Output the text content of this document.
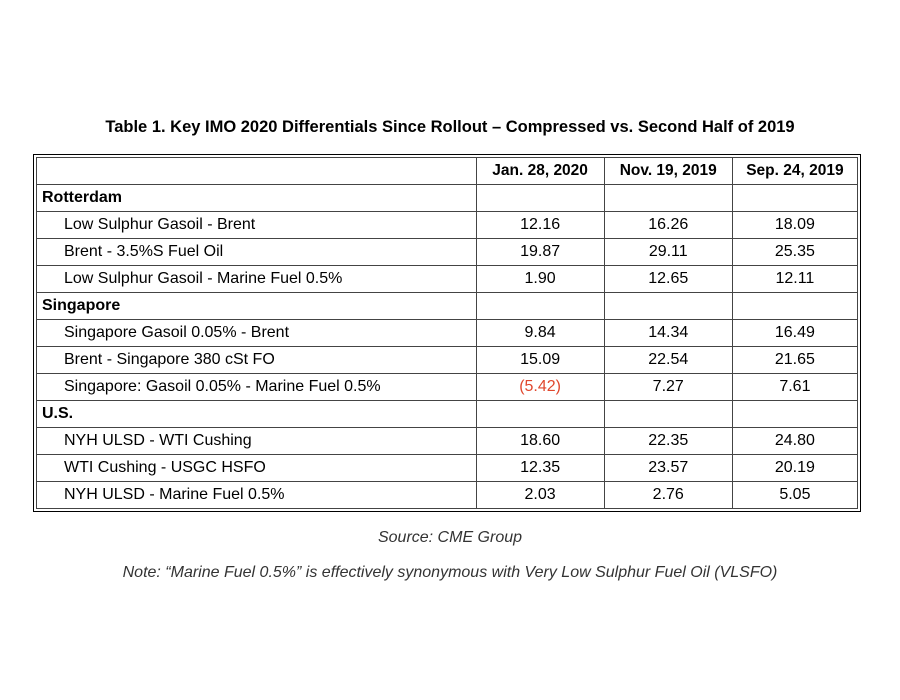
Table 1. Key IMO 2020 Differentials Since Rollout – Compressed vs. Second Half of 2019
	Jan. 28, 2020	Nov. 19, 2019	Sep. 24, 2019
Rotterdam			
Low Sulphur Gasoil - Brent	12.16	16.26	18.09
Brent - 3.5%S Fuel Oil	19.87	29.11	25.35
Low Sulphur Gasoil - Marine Fuel 0.5%	1.90	12.65	12.11
Singapore			
Singapore Gasoil 0.05% - Brent	9.84	14.34	16.49
Brent - Singapore 380 cSt FO	15.09	22.54	21.65
Singapore: Gasoil 0.05% - Marine Fuel 0.5%	(5.42)	7.27	7.61
U.S.			
NYH ULSD - WTI Cushing	18.60	22.35	24.80
WTI Cushing - USGC HSFO	12.35	23.57	20.19
NYH ULSD - Marine Fuel 0.5%	2.03	2.76	5.05
Source: CME Group
Note: “Marine Fuel 0.5%” is effectively synonymous with Very Low Sulphur Fuel Oil (VLSFO)
